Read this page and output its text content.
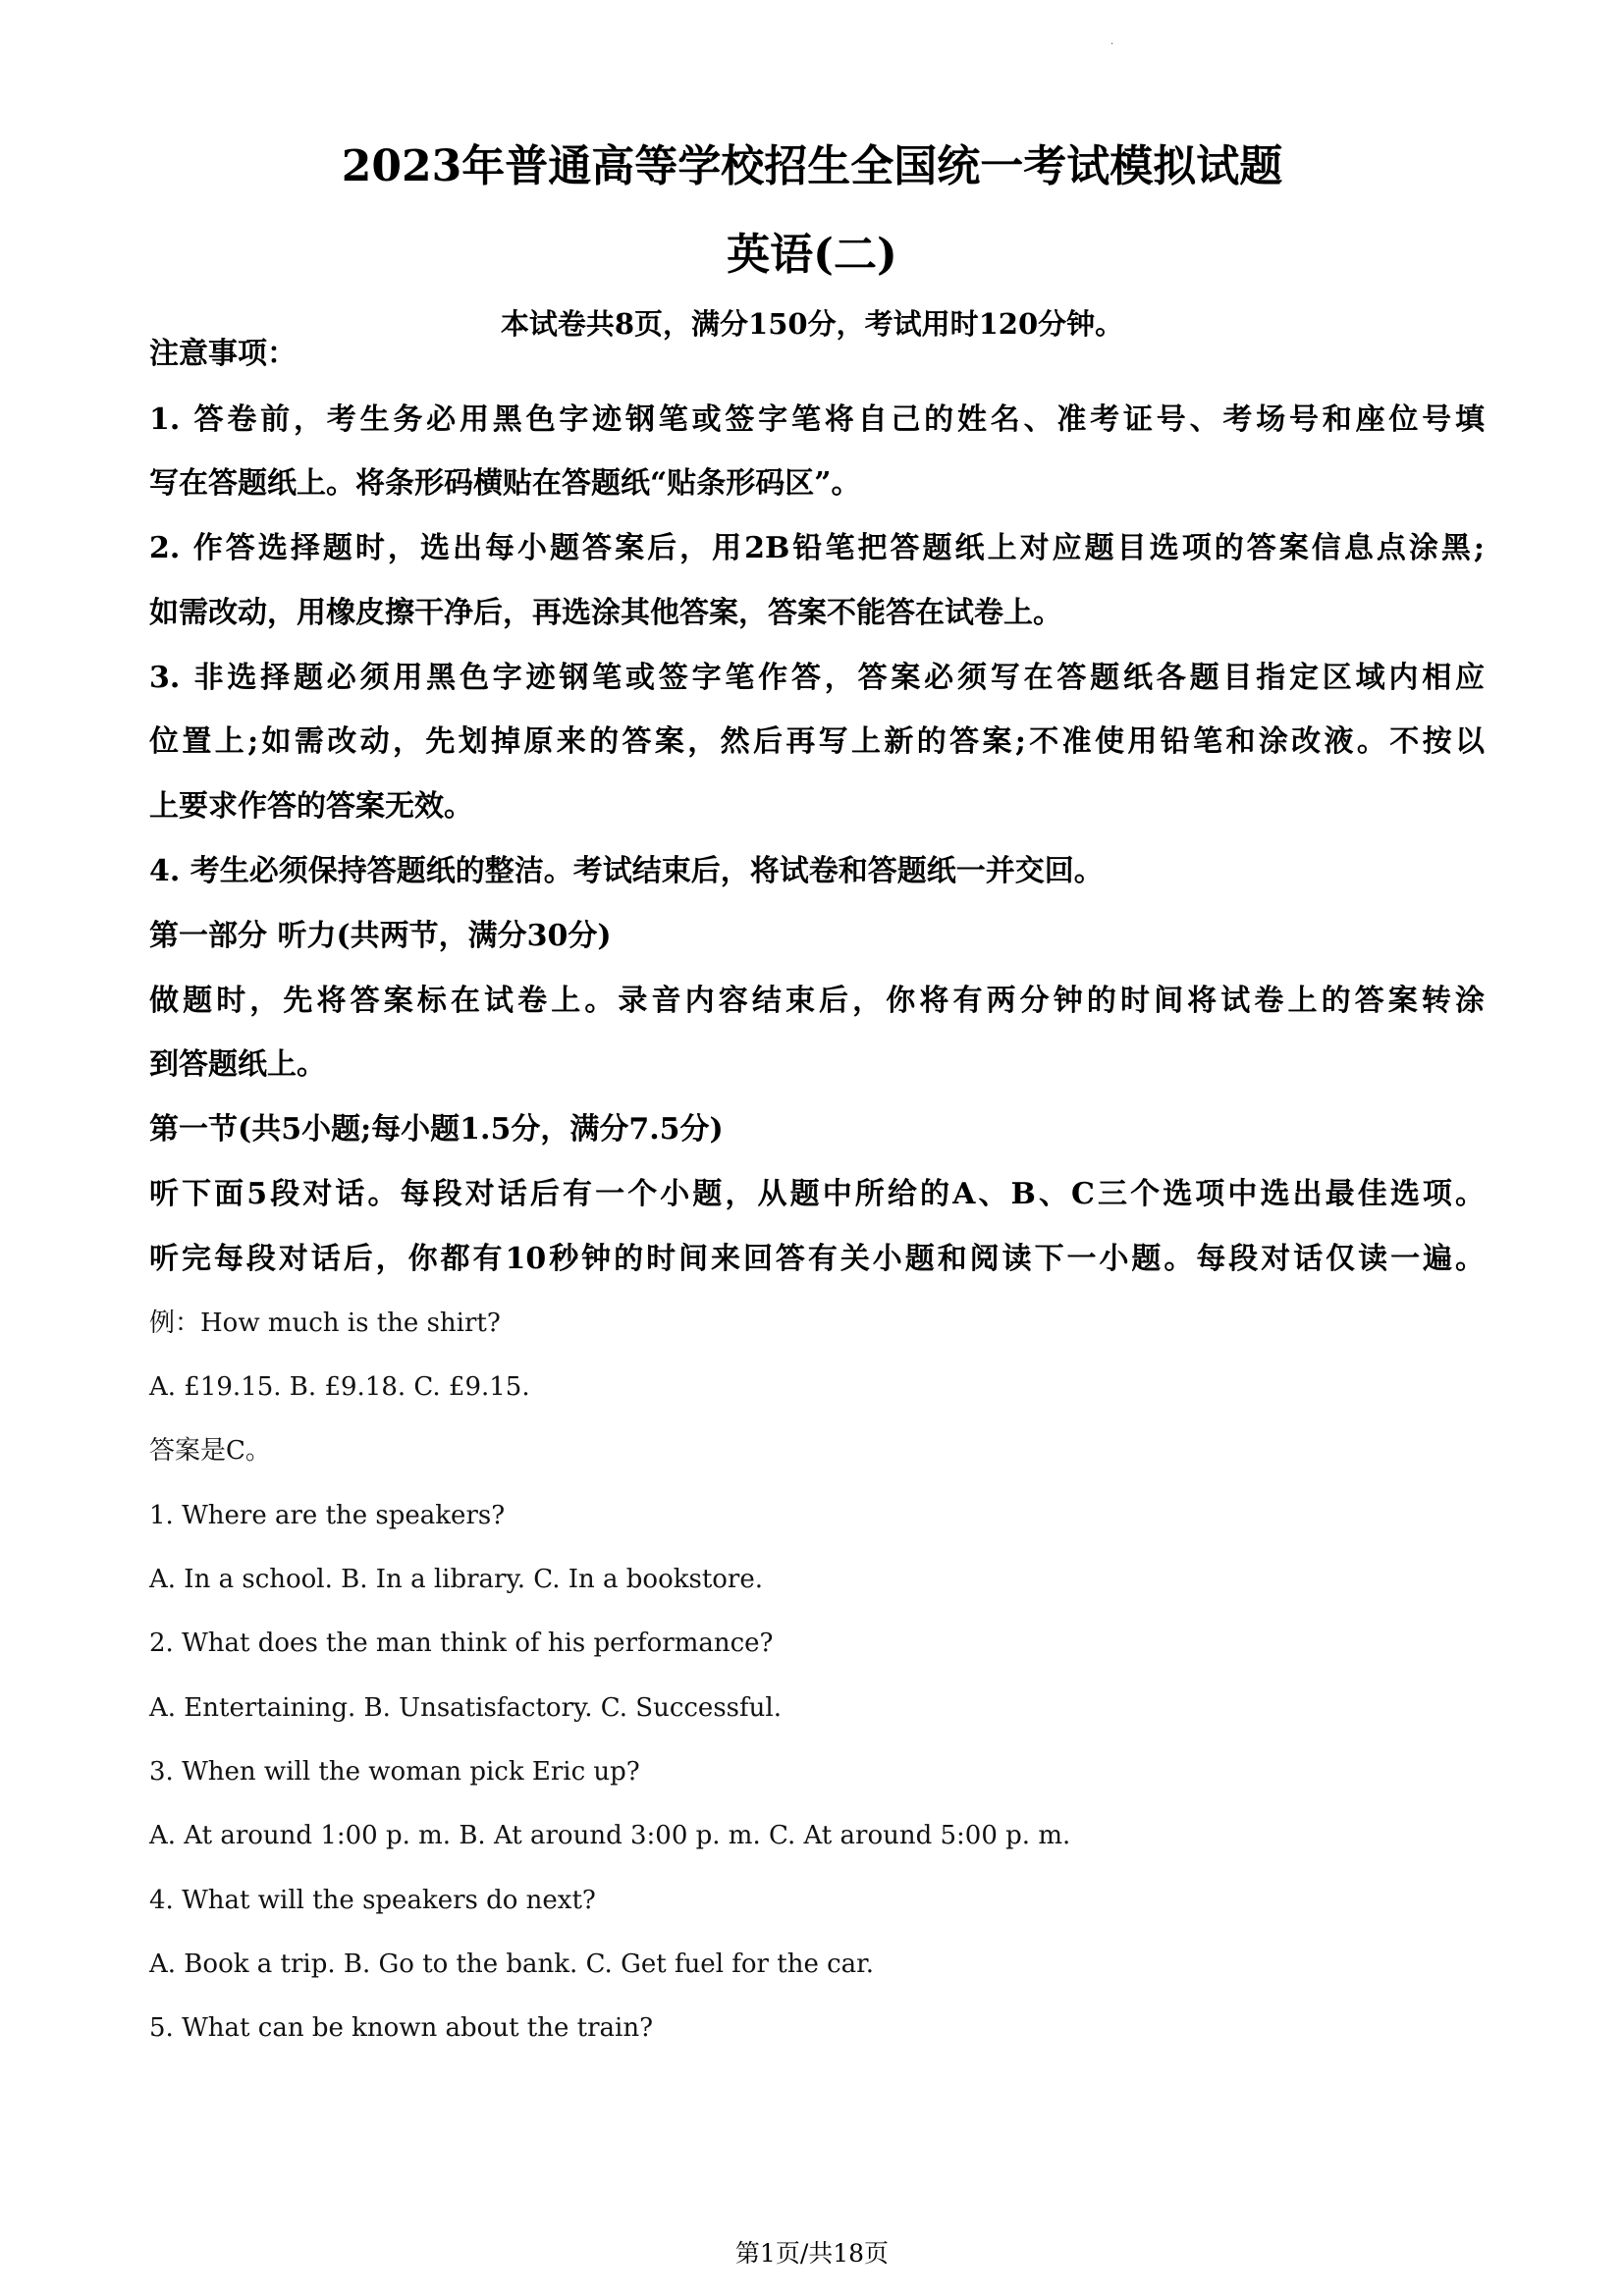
·
2023年普通高等学校招生全国统一考试模拟试题
英语(二)
本试卷共8页，满分150分，考试用时120分钟。
注意事项：
1. 答卷前，考生务必用黑色字迹钢笔或签字笔将自己的姓名、准考证号、考场号和座位号填
写在答题纸上。将条形码横贴在答题纸“贴条形码区”。
2. 作答选择题时，选出每小题答案后，用2B铅笔把答题纸上对应题目选项的答案信息点涂黑;
如需改动，用橡皮擦干净后，再选涂其他答案，答案不能答在试卷上。
3. 非选择题必须用黑色字迹钢笔或签字笔作答，答案必须写在答题纸各题目指定区域内相应
位置上;如需改动，先划掉原来的答案，然后再写上新的答案;不准使用铅笔和涂改液。不按以
上要求作答的答案无效。
4. 考生必须保持答题纸的整洁。考试结束后，将试卷和答题纸一并交回。
第一部分 听力(共两节，满分30分)
做题时，先将答案标在试卷上。录音内容结束后，你将有两分钟的时间将试卷上的答案转涂
到答题纸上。
第一节(共5小题;每小题1.5分，满分7.5分)
听下面5段对话。每段对话后有一个小题，从题中所给的A、B、C三个选项中选出最佳选项。
听完每段对话后，你都有10秒钟的时间来回答有关小题和阅读下一小题。每段对话仅读一遍。
例：How much is the shirt?
A. £19.15. B. £9.18. C. £9.15.
答案是C。
1. Where are the speakers?
A. In a school. B. In a library. C. In a bookstore.
2. What does the man think of his performance?
A. Entertaining. B. Unsatisfactory. C. Successful.
3. When will the woman pick Eric up?
A. At around 1:00 p. m. B. At around 3:00 p. m. C. At around 5:00 p. m.
4. What will the speakers do next?
A. Book a trip. B. Go to the bank. C. Get fuel for the car.
5. What can be known about the train?
第1页/共18页
